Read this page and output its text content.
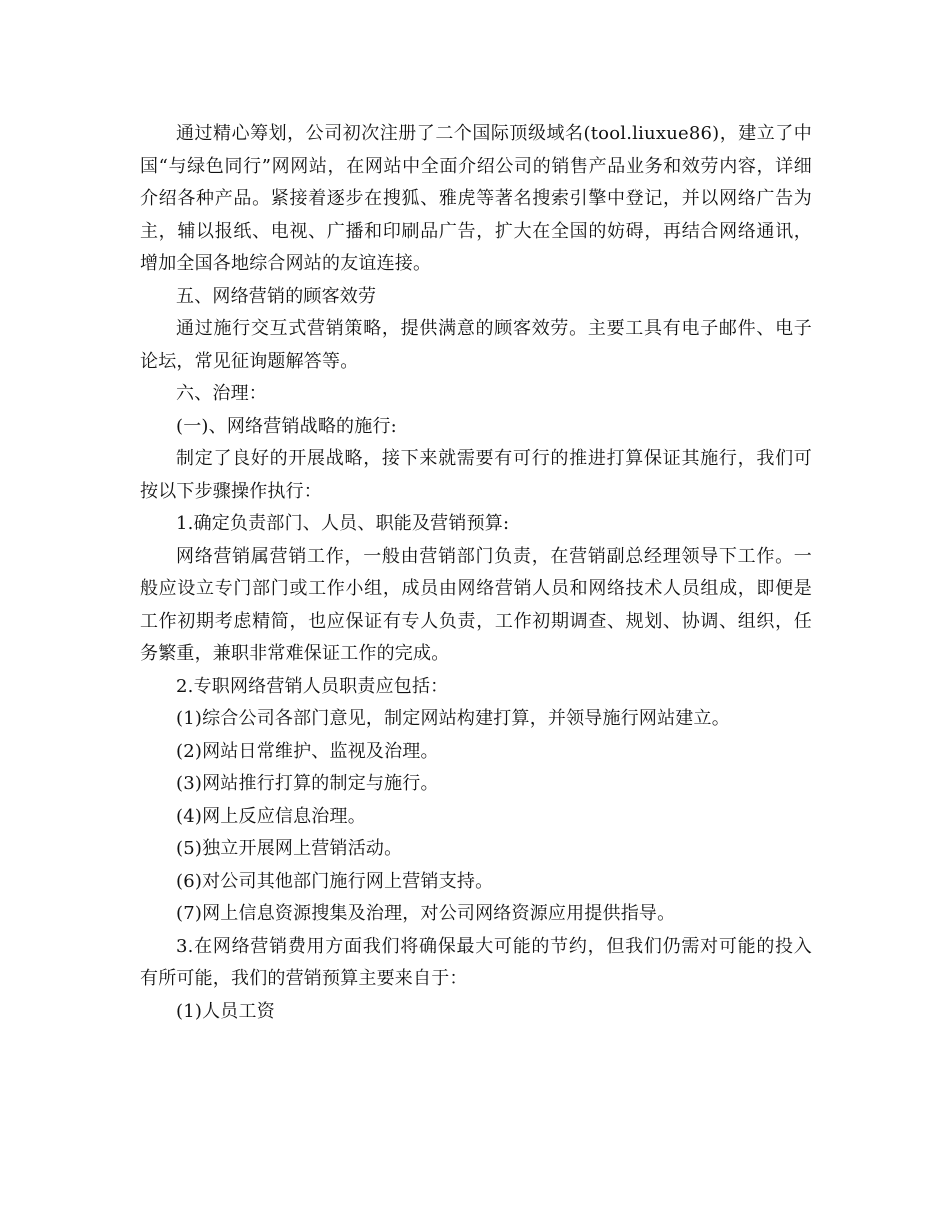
通过精心筹划，公司初次注册了二个国际顶级域名(tool.liuxue86)，建立了中国“与绿色同行”网网站，在网站中全面介绍公司的销售产品业务和效劳内容，详细介绍各种产品。紧接着逐步在搜狐、雅虎等著名搜索引擎中登记，并以网络广告为主，辅以报纸、电视、广播和印刷品广告，扩大在全国的妨碍，再结合网络通讯，增加全国各地综合网站的友谊连接。

五、网络营销的顾客效劳

通过施行交互式营销策略，提供满意的顾客效劳。主要工具有电子邮件、电子论坛，常见征询题解答等。

六、治理：

(一)、网络营销战略的施行:

制定了良好的开展战略，接下来就需要有可行的推进打算保证其施行，我们可按以下步骤操作执行：

1.确定负责部门、人员、职能及营销预算:

网络营销属营销工作，一般由营销部门负责，在营销副总经理领导下工作。一般应设立专门部门或工作小组，成员由网络营销人员和网络技术人员组成，即便是工作初期考虑精简，也应保证有专人负责，工作初期调查、规划、协调、组织，任务繁重，兼职非常难保证工作的完成。

2.专职网络营销人员职责应包括：

(1)综合公司各部门意见，制定网站构建打算，并领导施行网站建立。

(2)网站日常维护、监视及治理。

(3)网站推行打算的制定与施行。

(4)网上反应信息治理。

(5)独立开展网上营销活动。

(6)对公司其他部门施行网上营销支持。

(7)网上信息资源搜集及治理，对公司网络资源应用提供指导。

3.在网络营销费用方面我们将确保最大可能的节约，但我们仍需对可能的投入有所可能，我们的营销预算主要来自于：

(1)人员工资
